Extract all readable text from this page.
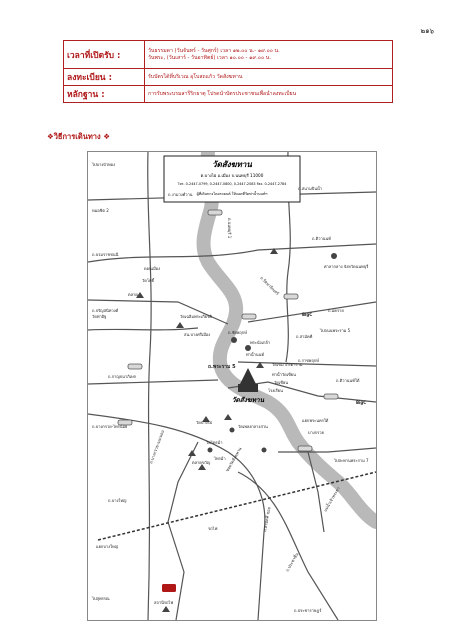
๒๑๖
เวลาที่เปิดรับ :	วันธรรมดา (วันจันทร์ - วันศุกร์) เวลา ๑๒.๐๐ น.- ๑๙.๐๐ น.
วันพระ, (วันเสาร์ - วันอาทิตย์) เวลา ๑๐.๐๐ - ๑๙.๐๐ น.

ลงทะเบียน :	รับบัตรได้ที่บริเวณ อุโบสถแก้ว วัดสังฆทาน
หลักฐาน :	การรับพระบรมสารีริกธาตุ โปรดนำบัตรประชาชนเพื่อนำลงทะเบียน
❖วิธีการเดินทาง ❖
วัดสังฆทาน
ต.บางไผ่ อ.เมือง จ.นนทบุรี 11000
โทร. 0-2447-0799, 0-2447-0800, 0-2447-2083 Fax. 0-2447-2784
ผู้ที่เดินทางโดยรถยนต์ ให้จอดที่วัดท่าน้ำนนท์ฯ
วัดสังฆทาน
ถ.สนามบินน้ำ
ถ.ติวานนท์
ถ.งามวงศ์วาน
ถ.นนทบุรี 1
ถ.รัตนาธิเบศร์
ถ.พระราม 5
ถ.บางกรวย-ไทรน้อย
ถ.จรัญสนิทวงศ์
ถ.บรมราชชนนี
ถ.ราชพฤกษ์
ถ.กาญจนาภิเษก
ถ.ชัยพฤกษ์
ถ.บางกรวย-จงถนอม
ถ.ประชาราษฎร์
ถ.แคราย
ถ.บางใหญ่
ถ.สามัคคี
ถ.ประชาชื่น
ถ.ติวานนท์ใต้
ถ.สามัคคี ซอย
ศาลากลาง จังหวัดนนทบุรี
วัดเฉลิมพระเกียรติ
สน.บางศรีเมือง
พระนั่งเกล้า
ท่าน้ำนนท์
วัดเขมาภิรตาราม
ท่าน้ำวัดเขียน
วัดเขียน
วัดเพลงกลางสวน
โรงเรียน
แยกพระนครใต้
BigC
BigC
วัดบางไผ่
สถานีรถไฟ
บางกรวย
ไทรม้า
ตลาดขวัญ
แยกบางใหญ่
วัดโพธิ์
รถไฟ
หมอชิต 2
ดอนเมือง
ตลาด
วัดไทรม้า
วัดท่าอิฐ
ไปสุพรรณ
ไปบางบัวทอง
ไปสะพานพระราม 7
ไปถนนพระราม 5
ซอยวัดสังฆทาน
แม่น้ำเจ้าพระยา
